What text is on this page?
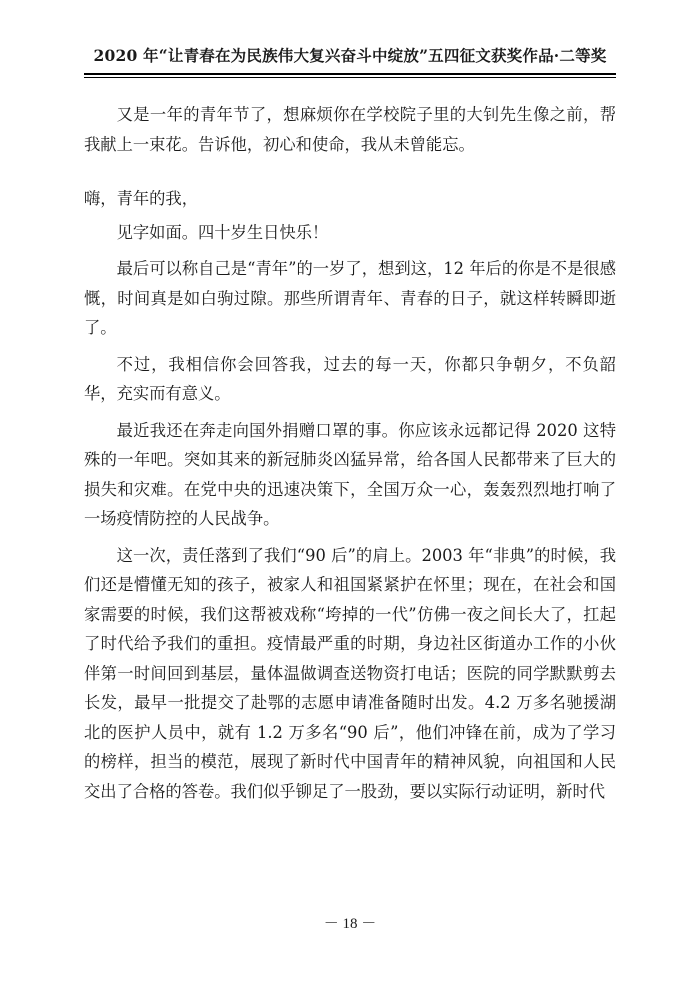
2020 年“让青春在为民族伟大复兴奋斗中绽放”五四征文获奖作品·二等奖

又是一年的青年节了，想麻烦你在学校院子里的大钊先生像之前，帮我献上一束花。告诉他，初心和使命，我从未曾能忘。

嗨，青年的我，

见字如面。四十岁生日快乐！

最后可以称自己是“青年”的一岁了，想到这，12 年后的你是不是很感慨，时间真是如白驹过隙。那些所谓青年、青春的日子，就这样转瞬即逝了。

不过，我相信你会回答我，过去的每一天，你都只争朝夕，不负韶华，充实而有意义。

最近我还在奔走向国外捐赠口罩的事。你应该永远都记得 2020 这特殊的一年吧。突如其来的新冠肺炎凶猛异常，给各国人民都带来了巨大的损失和灾难。在党中央的迅速决策下，全国万众一心，轰轰烈烈地打响了一场疫情防控的人民战争。

这一次，责任落到了我们“90 后”的肩上。2003 年“非典”的时候，我们还是懵懂无知的孩子，被家人和祖国紧紧护在怀里；现在，在社会和国家需要的时候，我们这帮被戏称“垮掉的一代”仿佛一夜之间长大了，扛起了时代给予我们的重担。疫情最严重的时期，身边社区街道办工作的小伙伴第一时间回到基层，量体温做调查送物资打电话；医院的同学默默剪去长发，最早一批提交了赴鄂的志愿申请准备随时出发。4.2 万多名驰援湖北的医护人员中，就有 1.2 万多名“90 后”，他们冲锋在前，成为了学习的榜样，担当的模范，展现了新时代中国青年的精神风貌，向祖国和人民交出了合格的答卷。我们似乎铆足了一股劲，要以实际行动证明，新时代

－ 18 －
